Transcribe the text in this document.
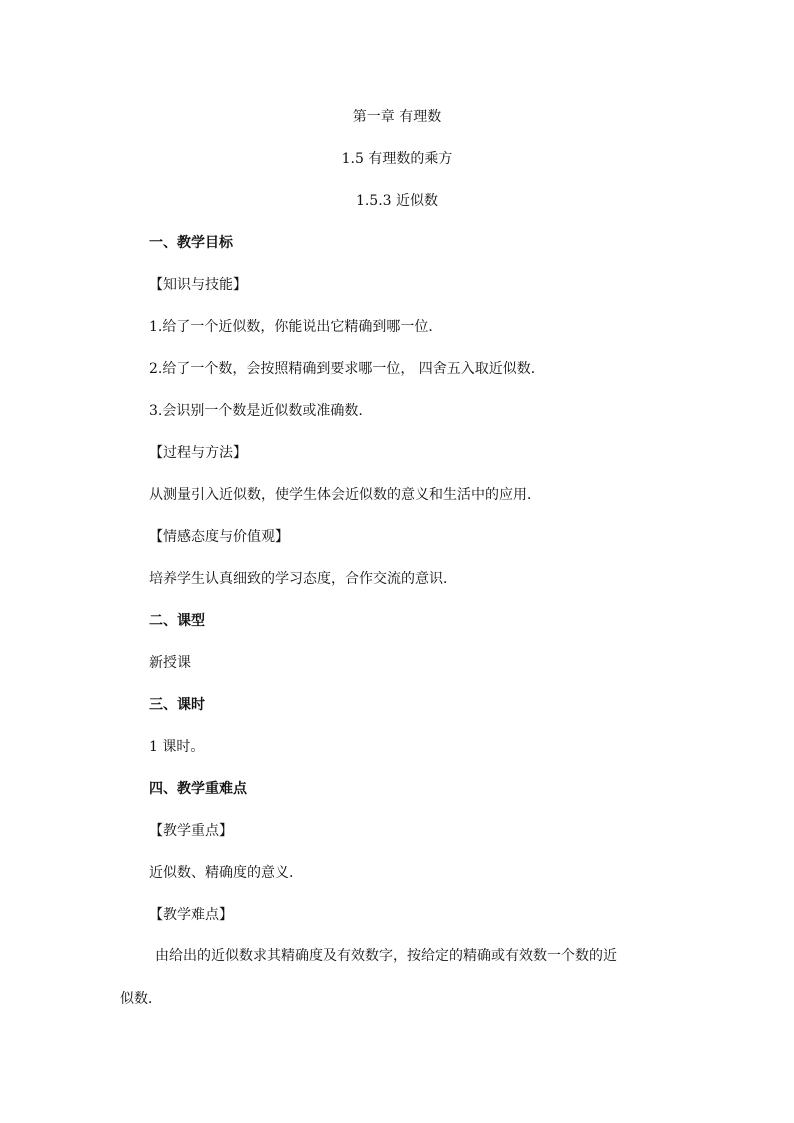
第一章 有理数
1.5 有理数的乘方
1.5.3 近似数
一、教学目标
【知识与技能】
1.给了一个近似数，你能说出它精确到哪一位．
2.给了一个数，会按照精确到要求哪一位， 四舍五入取近似数．
3.会识别一个数是近似数或准确数.
【过程与方法】
从测量引入近似数，使学生体会近似数的意义和生活中的应用．
【情感态度与价值观】
培养学生认真细致的学习态度，合作交流的意识．
二、课型
新授课
三、课时
1 课时。
四、教学重难点
【教学重点】
近似数、精确度的意义.
【教学难点】
由给出的近似数求其精确度及有效数字，按给定的精确或有效数一个数的近
似数．
